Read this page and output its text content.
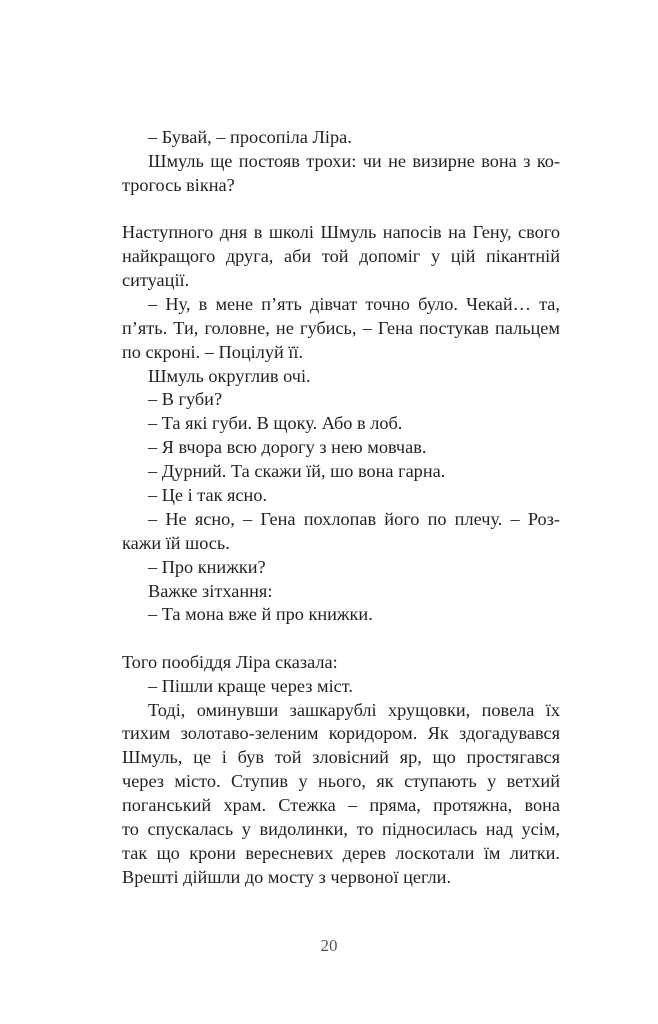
– Бувай, – просопіла Ліра.
Шмуль ще постояв трохи: чи не визирне вона з ко-
трогось вікна?
Наступного дня в школі Шмуль напосів на Гену, свого
найкращого друга, аби той допоміг у цій пікантній
ситуації.
– Ну, в мене п’ять дівчат точно було. Чекай… та,
п’ять. Ти, головне, не губись, – Гена постукав пальцем
по скроні. – Поцілуй її.
Шмуль округлив очі.
– В губи?
– Та які губи. В щоку. Або в лоб.
– Я вчора всю дорогу з нею мовчав.
– Дурний. Та скажи їй, шо вона гарна.
– Це і так ясно.
– Не ясно, – Гена похлопав його по плечу. – Роз-
кажи їй шось.
– Про книжки?
Важке зітхання:
– Та мона вже й про книжки.
Того пообіддя Ліра сказала:
– Пішли краще через міст.
Тоді, оминувши зашкарублі хрущовки, повела їх
тихим золотаво-зеленим коридором. Як здогадувався
Шмуль, це і був той зловісний яр, що простягався
через місто. Ступив у нього, як ступають у ветхий
поганський храм. Стежка – пряма, протяжна, вона
то спускалась у видолинки, то підносилась над усім,
так що крони вересневих дерев лоскотали їм литки.
Врешті дійшли до мосту з червоної цегли.
20
